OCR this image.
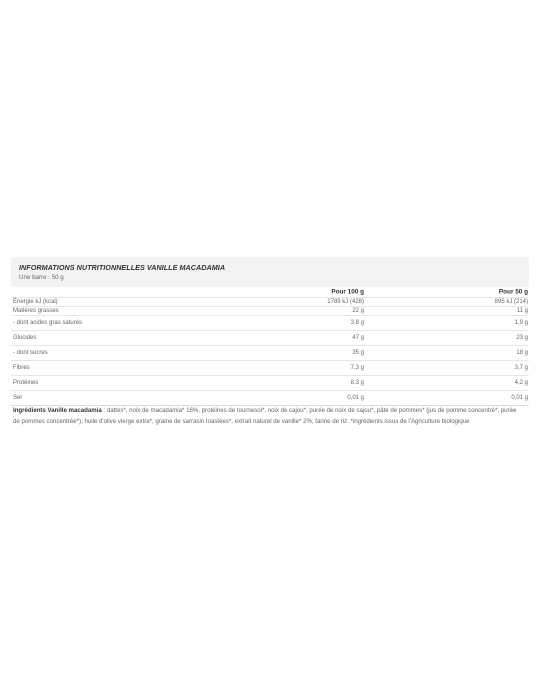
INFORMATIONS NUTRITIONNELLES VANILLE MACADAMIA
Une barre : 50 g
Pour 100 g	Pour 50 g
Énergie kJ (kcal)	1789 kJ (428)	895 kJ (214)
Matières grasses	22 g	11 g
- dont acides gras saturés	3,8 g	1,9 g
Glucides	47 g	23 g
- dont sucres	35 g	18 g
Fibres	7,3 g	3,7 g
Protéines	8,3 g	4,2 g
Sel	0,01 g	0,01 g
Ingrédients Vanille macadamia : dattes*, noix de macadamia* 16%, protéines de tournesol*, noix de cajou*, purée de noix de cajou*, pâte de pommes* (jus de pomme concentré*, purée de pommes concentrée*), huile d'olive vierge extra*, graine de sarrasin toastées*, extrait naturel de vanille* 2%, farine de riz. *ingrédients issus de l'Agriculture biologique
